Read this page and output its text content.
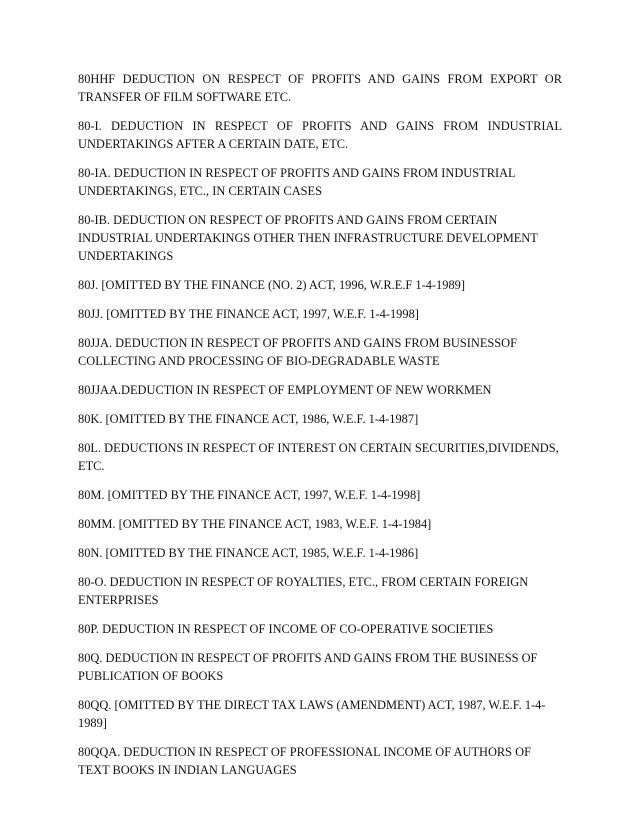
80HHF DEDUCTION ON RESPECT OF PROFITS AND GAINS FROM EXPORT OR TRANSFER OF FILM SOFTWARE ETC.

80-I. DEDUCTION IN RESPECT OF PROFITS AND GAINS FROM INDUSTRIAL UNDERTAKINGS AFTER A CERTAIN DATE, ETC.

80-IA. DEDUCTION IN RESPECT OF PROFITS AND GAINS FROM INDUSTRIAL UNDERTAKINGS, ETC., IN CERTAIN CASES

80-IB. DEDUCTION ON RESPECT OF PROFITS AND GAINS FROM CERTAIN INDUSTRIAL UNDERTAKINGS OTHER THEN INFRASTRUCTURE DEVELOPMENT UNDERTAKINGS

80J. [OMITTED BY THE FINANCE (NO. 2) ACT, 1996, W.R.E.F 1-4-1989]

80JJ. [OMITTED BY THE FINANCE ACT, 1997, W.E.F. 1-4-1998]

80JJA. DEDUCTION IN RESPECT OF PROFITS AND GAINS FROM BUSINESSOF COLLECTING AND PROCESSING OF BIO-DEGRADABLE WASTE

80JJAA.DEDUCTION IN RESPECT OF EMPLOYMENT OF NEW WORKMEN

80K. [OMITTED BY THE FINANCE ACT, 1986, W.E.F. 1-4-1987]

80L. DEDUCTIONS IN RESPECT OF INTEREST ON CERTAIN SECURITIES,DIVIDENDS, ETC.

80M. [OMITTED BY THE FINANCE ACT, 1997, W.E.F. 1-4-1998]

80MM. [OMITTED BY THE FINANCE ACT, 1983, W.E.F. 1-4-1984]

80N. [OMITTED BY THE FINANCE ACT, 1985, W.E.F. 1-4-1986]

80-O. DEDUCTION IN RESPECT OF ROYALTIES, ETC., FROM CERTAIN FOREIGN ENTERPRISES

80P. DEDUCTION IN RESPECT OF INCOME OF CO-OPERATIVE SOCIETIES

80Q. DEDUCTION IN RESPECT OF PROFITS AND GAINS FROM THE BUSINESS OF PUBLICATION OF BOOKS

80QQ. [OMITTED BY THE DIRECT TAX LAWS (AMENDMENT) ACT, 1987, W.E.F. 1-4-1989]

80QQA. DEDUCTION IN RESPECT OF PROFESSIONAL INCOME OF AUTHORS OF TEXT BOOKS IN INDIAN LANGUAGES
